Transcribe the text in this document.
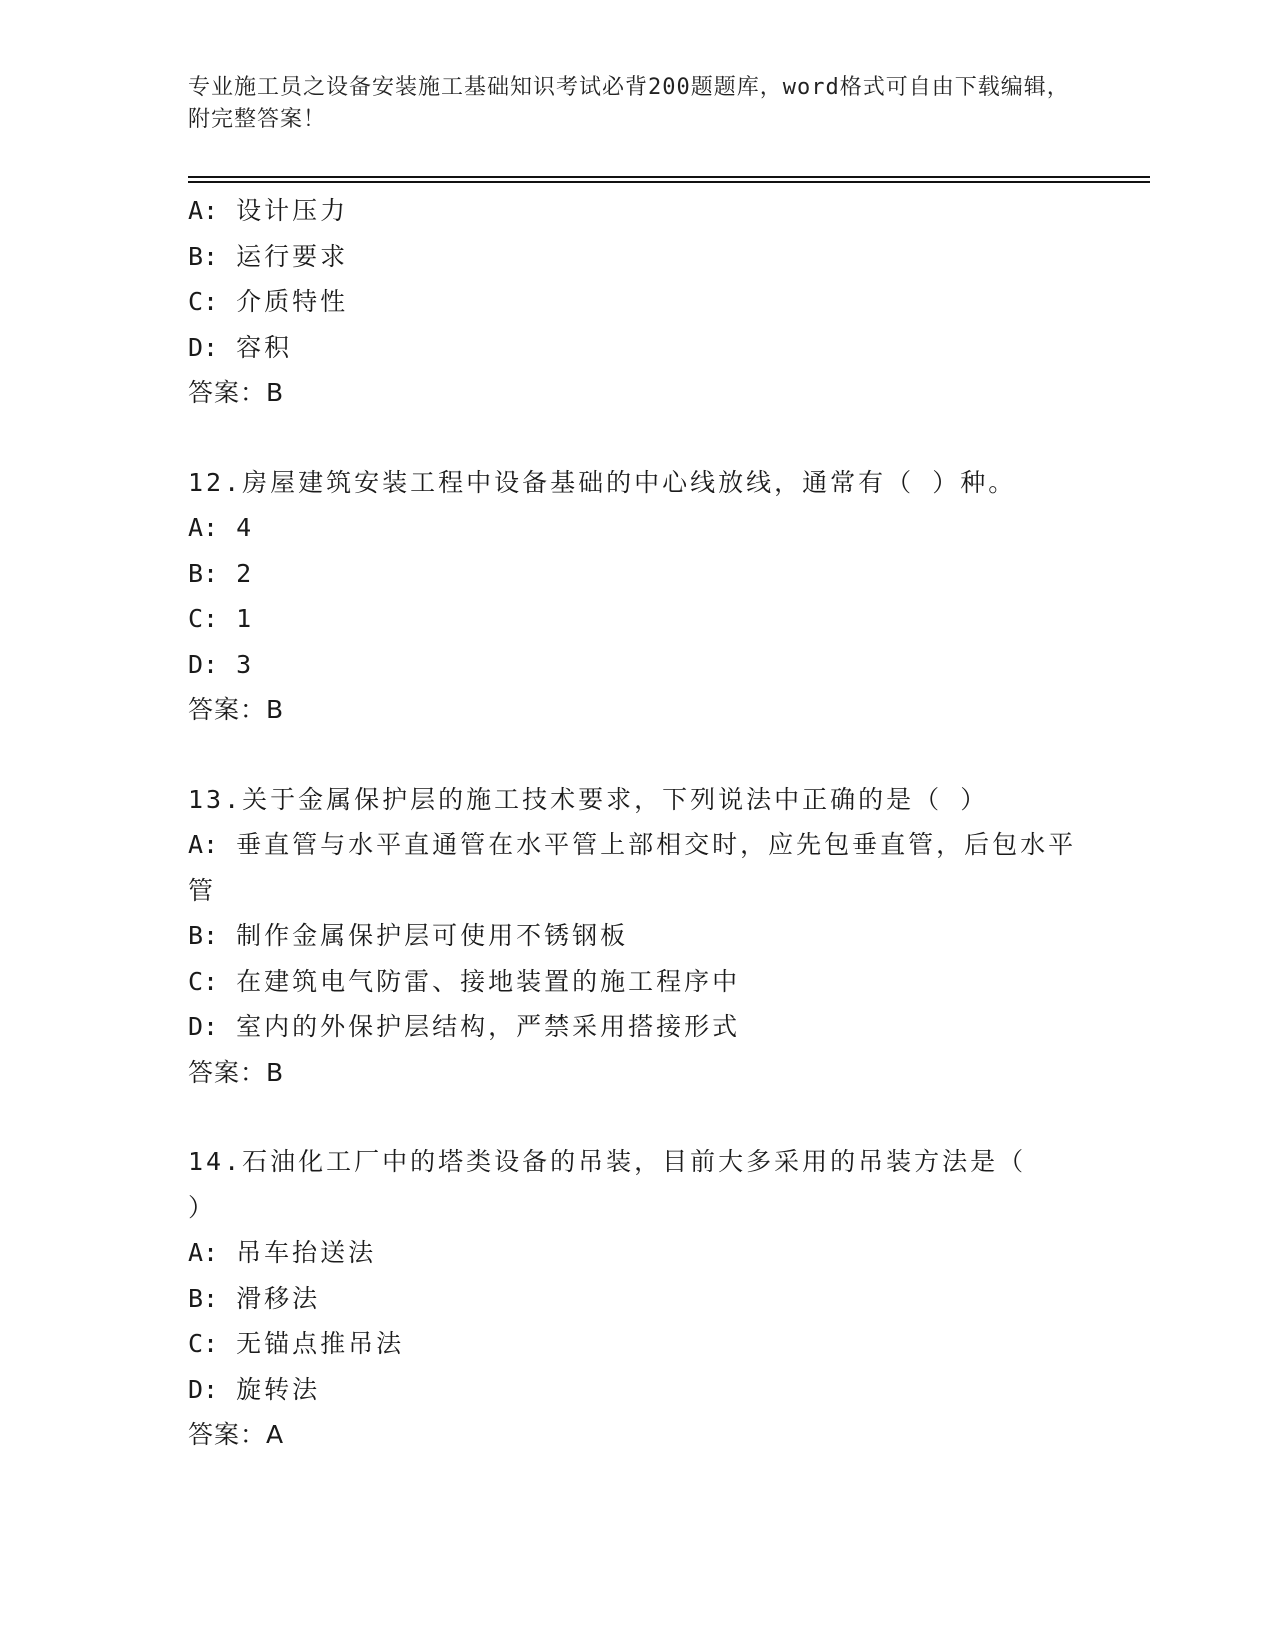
专业施工员之设备安装施工基础知识考试必背200题题库，word格式可自由下载编辑，附完整答案！
A: 设计压力
B: 运行要求
C: 介质特性
D: 容积
答案：B
12.房屋建筑安装工程中设备基础的中心线放线，通常有（ ）种。
A: 4
B: 2
C: 1
D: 3
答案：B
13.关于金属保护层的施工技术要求，下列说法中正确的是（ ）
A: 垂直管与水平直通管在水平管上部相交时，应先包垂直管，后包水平管
B: 制作金属保护层可使用不锈钢板
C: 在建筑电气防雷、接地装置的施工程序中
D: 室内的外保护层结构，严禁采用搭接形式
答案：B
14.石油化工厂中的塔类设备的吊装，目前大多采用的吊装方法是（ ）
A: 吊车抬送法
B: 滑移法
C: 无锚点推吊法
D: 旋转法
答案：A
